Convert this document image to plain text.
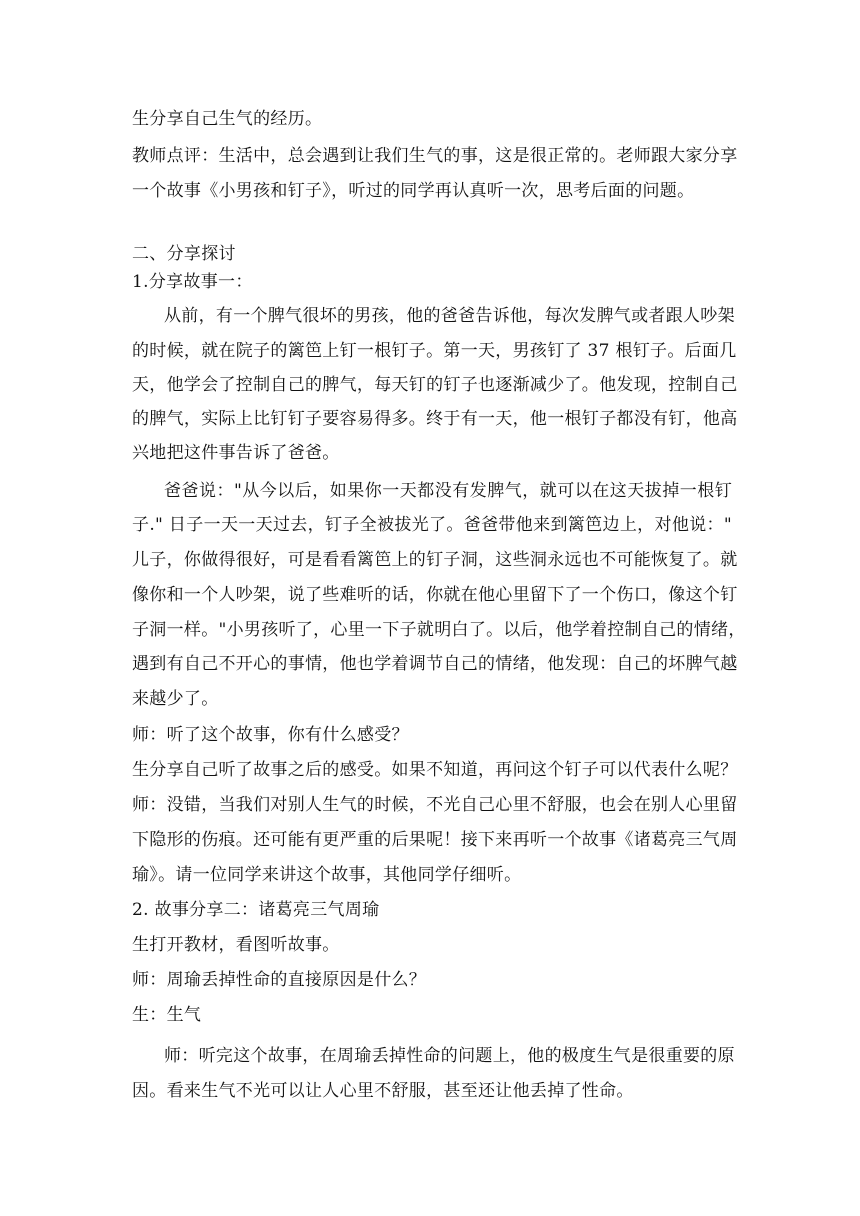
生分享自己生气的经历。
教师点评：生活中，总会遇到让我们生气的事，这是很正常的。老师跟大家分享
一个故事《小男孩和钉子》，听过的同学再认真听一次，思考后面的问题。
二、分享探讨
1.分享故事一：
从前，有一个脾气很坏的男孩，他的爸爸告诉他，每次发脾气或者跟人吵架
的时候，就在院子的篱笆上钉一根钉子。第一天，男孩钉了 37 根钉子。后面几
天，他学会了控制自己的脾气，每天钉的钉子也逐渐减少了。他发现，控制自己
的脾气，实际上比钉钉子要容易得多。终于有一天，他一根钉子都没有钉，他高
兴地把这件事告诉了爸爸。
爸爸说："从今以后，如果你一天都没有发脾气，就可以在这天拔掉一根钉
子." 日子一天一天过去，钉子全被拔光了。爸爸带他来到篱笆边上，对他说："
儿子，你做得很好，可是看看篱笆上的钉子洞，这些洞永远也不可能恢复了。就
像你和一个人吵架，说了些难听的话，你就在他心里留下了一个伤口，像这个钉
子洞一样。"小男孩听了，心里一下子就明白了。以后，他学着控制自己的情绪，
遇到有自己不开心的事情，他也学着调节自己的情绪，他发现：自己的坏脾气越
来越少了。
师：听了这个故事，你有什么感受？
生分享自己听了故事之后的感受。如果不知道，再问这个钉子可以代表什么呢？
师：没错，当我们对别人生气的时候，不光自己心里不舒服，也会在别人心里留
下隐形的伤痕。还可能有更严重的后果呢！接下来再听一个故事《诸葛亮三气周
瑜》。请一位同学来讲这个故事，其他同学仔细听。
2. 故事分享二：诸葛亮三气周瑜
生打开教材，看图听故事。
师：周瑜丢掉性命的直接原因是什么？
生：生气
师：听完这个故事，在周瑜丢掉性命的问题上，他的极度生气是很重要的原
因。看来生气不光可以让人心里不舒服，甚至还让他丢掉了性命。
